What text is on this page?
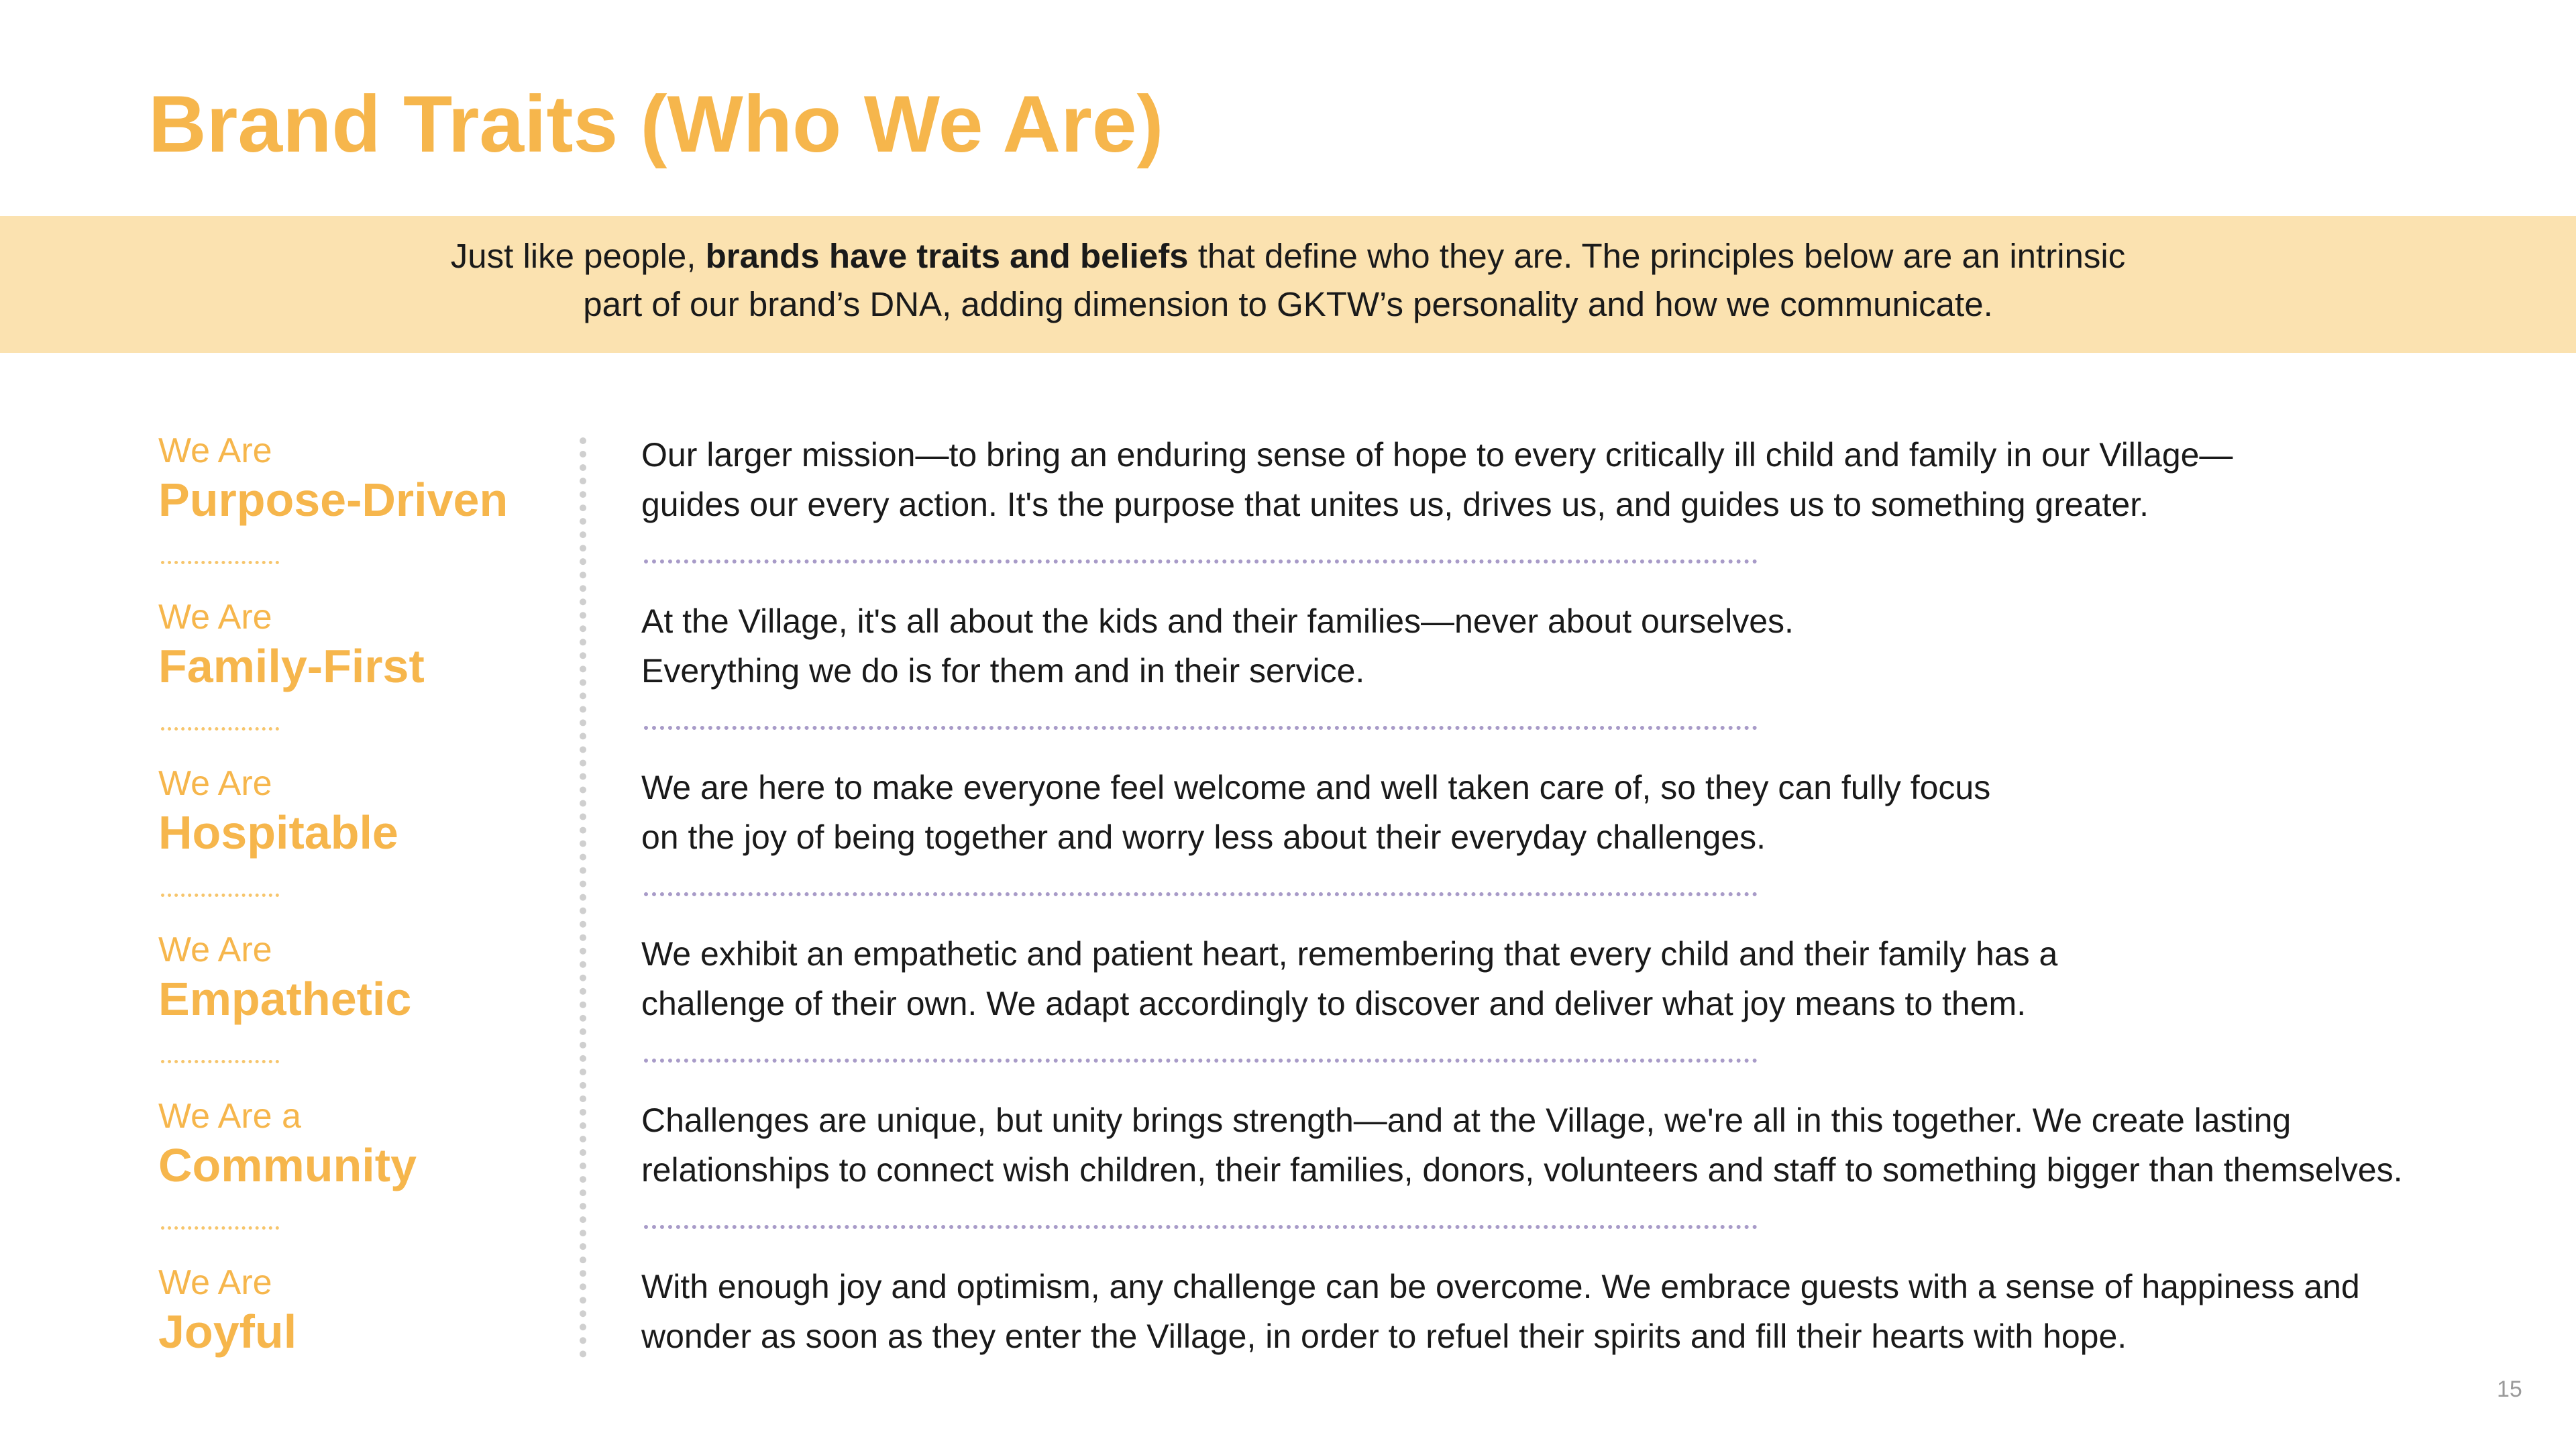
Brand Traits (Who We Are)
Just like people, brands have traits and beliefs that define who they are. The principles below are an intrinsic
part of our brand’s DNA, adding dimension to GKTW’s personality and how we communicate.
We Are
Purpose-Driven
Our larger mission—to bring an enduring sense of hope to every critically ill child and family in our Village—
guides our every action. It's the purpose that unites us, drives us, and guides us to something greater.
We Are
Family-First
At the Village, it's all about the kids and their families—never about ourselves.
Everything we do is for them and in their service.
We Are
Hospitable
We are here to make everyone feel welcome and well taken care of, so they can fully focus
on the joy of being together and worry less about their everyday challenges.
We Are
Empathetic
We exhibit an empathetic and patient heart, remembering that every child and their family has a
challenge of their own. We adapt accordingly to discover and deliver what joy means to them.
We Are a
Community
Challenges are unique, but unity brings strength—and at the Village, we're all in this together. We create lasting
relationships to connect wish children, their families, donors, volunteers and staff to something bigger than themselves.
We Are
Joyful
With enough joy and optimism, any challenge can be overcome. We embrace guests with a sense of happiness and
wonder as soon as they enter the Village, in order to refuel their spirits and fill their hearts with hope.
15
